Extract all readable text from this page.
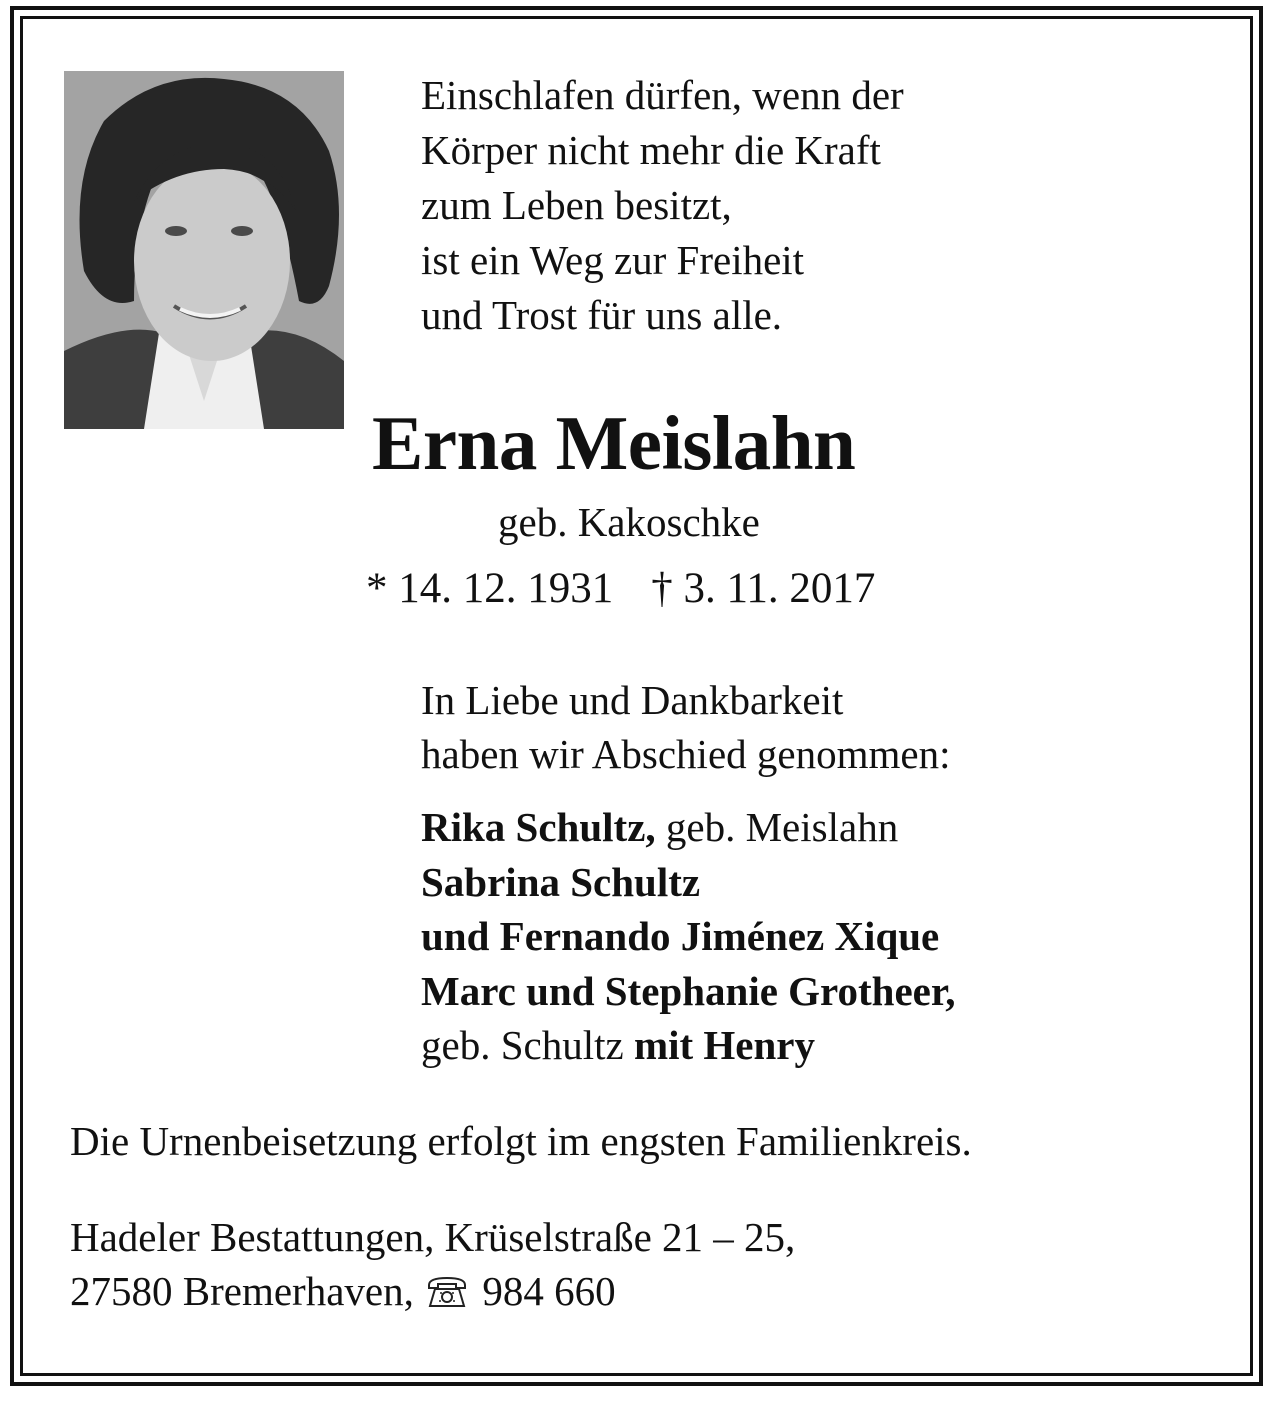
Einschlafen dürfen, wenn der
Körper nicht mehr die Kraft
zum Leben besitzt,
ist ein Weg zur Freiheit
und Trost für uns alle.
Erna Meislahn
geb. Kakoschke
* 14. 12. 1931 † 3. 11. 2017
In Liebe und Dankbarkeit
haben wir Abschied genommen:
Rika Schultz, geb. Meislahn
Sabrina Schultz
und Fernando Jiménez Xique
Marc und Stephanie Grotheer,
geb. Schultz mit Henry
Die Urnenbeisetzung erfolgt im engsten Familienkreis.
Hadeler Bestattungen, Krüselstraße 21 – 25,
27580 Bremerhaven, 984 660
